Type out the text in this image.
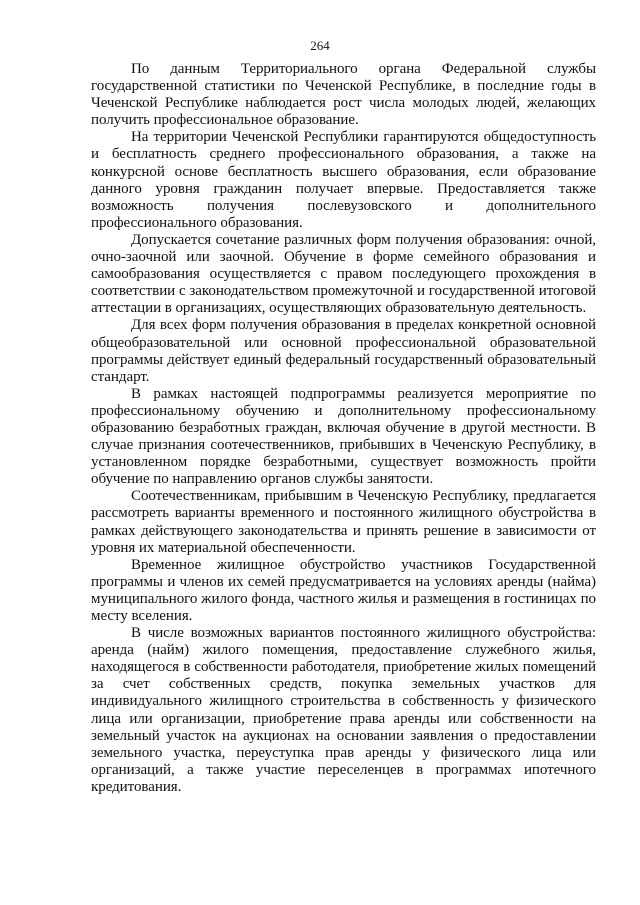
264

По данным Территориального органа Федеральной службы государственной статистики по Чеченской Республике, в последние годы в Чеченской Республике наблюдается рост числа молодых людей, желающих получить профессиональное образование.

На территории Чеченской Республики гарантируются общедоступность и бесплатность среднего профессионального образования, а также на конкурсной основе бесплатность высшего образования, если образование данного уровня гражданин получает впервые. Предоставляется также возможность получения послевузовского и дополнительного профессионального образования.

Допускается сочетание различных форм получения образования: очной, очно-заочной или заочной. Обучение в форме семейного образования и самообразования осуществляется с правом последующего прохождения в соответствии с законодательством промежуточной и государственной итоговой аттестации в организациях, осуществляющих образовательную деятельность.

Для всех форм получения образования в пределах конкретной основной общеобразовательной или основной профессиональной образовательной программы действует единый федеральный государственный образовательный стандарт.

В рамках настоящей подпрограммы реализуется мероприятие по профессиональному обучению и дополнительному профессиональному образованию безработных граждан, включая обучение в другой местности. В случае признания соотечественников, прибывших в Чеченскую Республику, в установленном порядке безработными, существует возможность пройти обучение по направлению органов службы занятости.

Соотечественникам, прибывшим в Чеченскую Республику, предлагается рассмотреть варианты временного и постоянного жилищного обустройства в рамках действующего законодательства и принять решение в зависимости от уровня их материальной обеспеченности.

Временное жилищное обустройство участников Государственной программы и членов их семей предусматривается на условиях аренды (найма) муниципального жилого фонда, частного жилья и размещения в гостиницах по месту вселения.

В числе возможных вариантов постоянного жилищного обустройства: аренда (найм) жилого помещения, предоставление служебного жилья, находящегося в собственности работодателя, приобретение жилых помещений за счет собственных средств, покупка земельных участков для индивидуального жилищного строительства в собственность у физического лица или организации, приобретение права аренды или собственности на земельный участок на аукционах на основании заявления о предоставлении земельного участка, переуступка прав аренды у физического лица или организаций, а также участие переселенцев в программах ипотечного кредитования.
